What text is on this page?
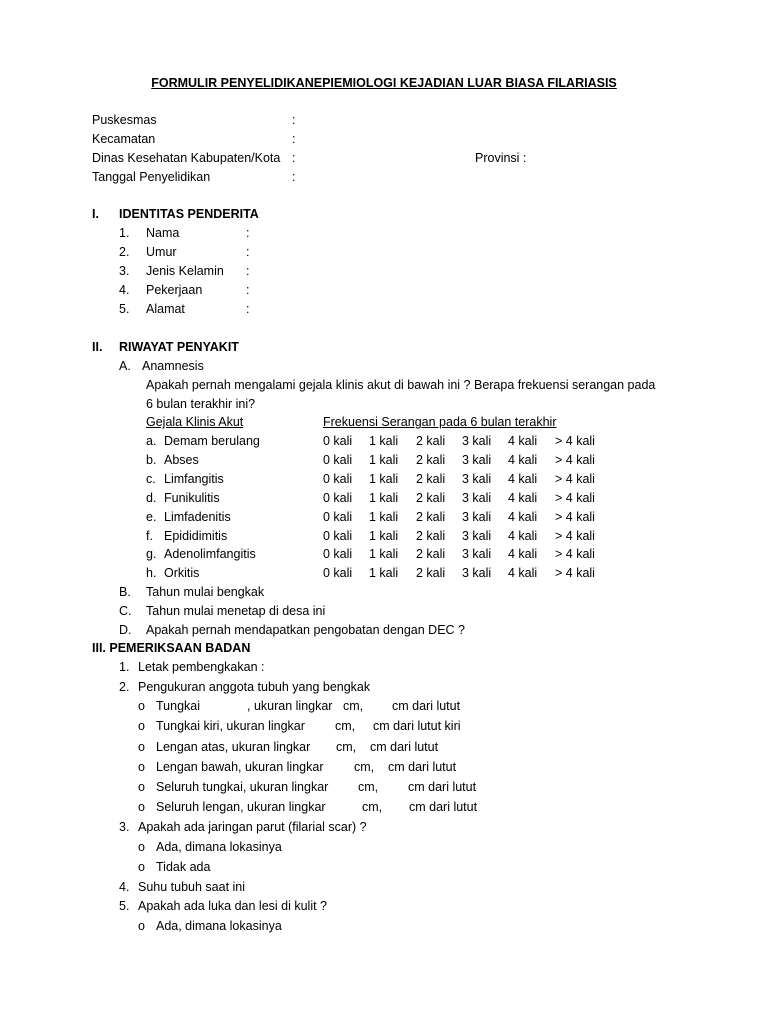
FORMULIR PENYELIDIKANEPIEMIOLOGI KEJADIAN LUAR BIASA FILARIASIS
Puskesmas	:
Kecamatan	:
Dinas Kesehatan Kabupaten/Kota :	Provinsi :
Tanggal Penyelidikan	:
I. IDENTITAS PENDERITA
1. Nama	:
2. Umur	:
3. Jenis Kelamin :
4. Pekerjaan	:
5. Alamat	:
II. RIWAYAT PENYAKIT
A. Anamnesis
Apakah pernah mengalami gejala klinis akut di bawah ini ? Berapa frekuensi serangan pada
6 bulan terakhir ini?
Gejala Klinis Akut	Frekuensi Serangan pada 6 bulan terakhir
a. Demam berulang	0 kali 1 kali 2 kali 3 kali 4 kali > 4 kali
b. Abses	0 kali 1 kali 2 kali 3 kali 4 kali > 4 kali
c. Limfangitis	0 kali 1 kali 2 kali 3 kali 4 kali > 4 kali
d. Funikulitis	0 kali 1 kali 2 kali 3 kali 4 kali > 4 kali
e. Limfadenitis	0 kali 1 kali 2 kali 3 kali 4 kali > 4 kali
f. Epididimitis	0 kali 1 kali 2 kali 3 kali 4 kali > 4 kali
g. Adenolimfangitis	0 kali 1 kali 2 kali 3 kali 4 kali > 4 kali
h. Orkitis	0 kali 1 kali 2 kali 3 kali 4 kali > 4 kali
B. Tahun mulai bengkak
C. Tahun mulai menetap di desa ini
D. Apakah pernah mendapatkan pengobatan dengan DEC ?
III. PEMERIKSAAN BADAN
1. Letak pembengkakan :
2. Pengukuran anggota tubuh yang bengkak
o Tungkai	, ukuran lingkar cm, cm dari lutut
o Tungkai kiri, ukuran lingkar cm, cm dari lutut kiri
o Lengan atas, ukuran lingkar cm, cm dari lutut
o Lengan bawah, ukuran lingkar cm, cm dari lutut
o Seluruh tungkai, ukuran lingkar cm, cm dari lutut
o Seluruh lengan, ukuran lingkar	cm, cm dari lutut
3. Apakah ada jaringan parut (filarial scar) ?
o Ada, dimana lokasinya
o Tidak ada
4. Suhu tubuh saat ini
5. Apakah ada luka dan lesi di kulit ?
o Ada, dimana lokasinya
